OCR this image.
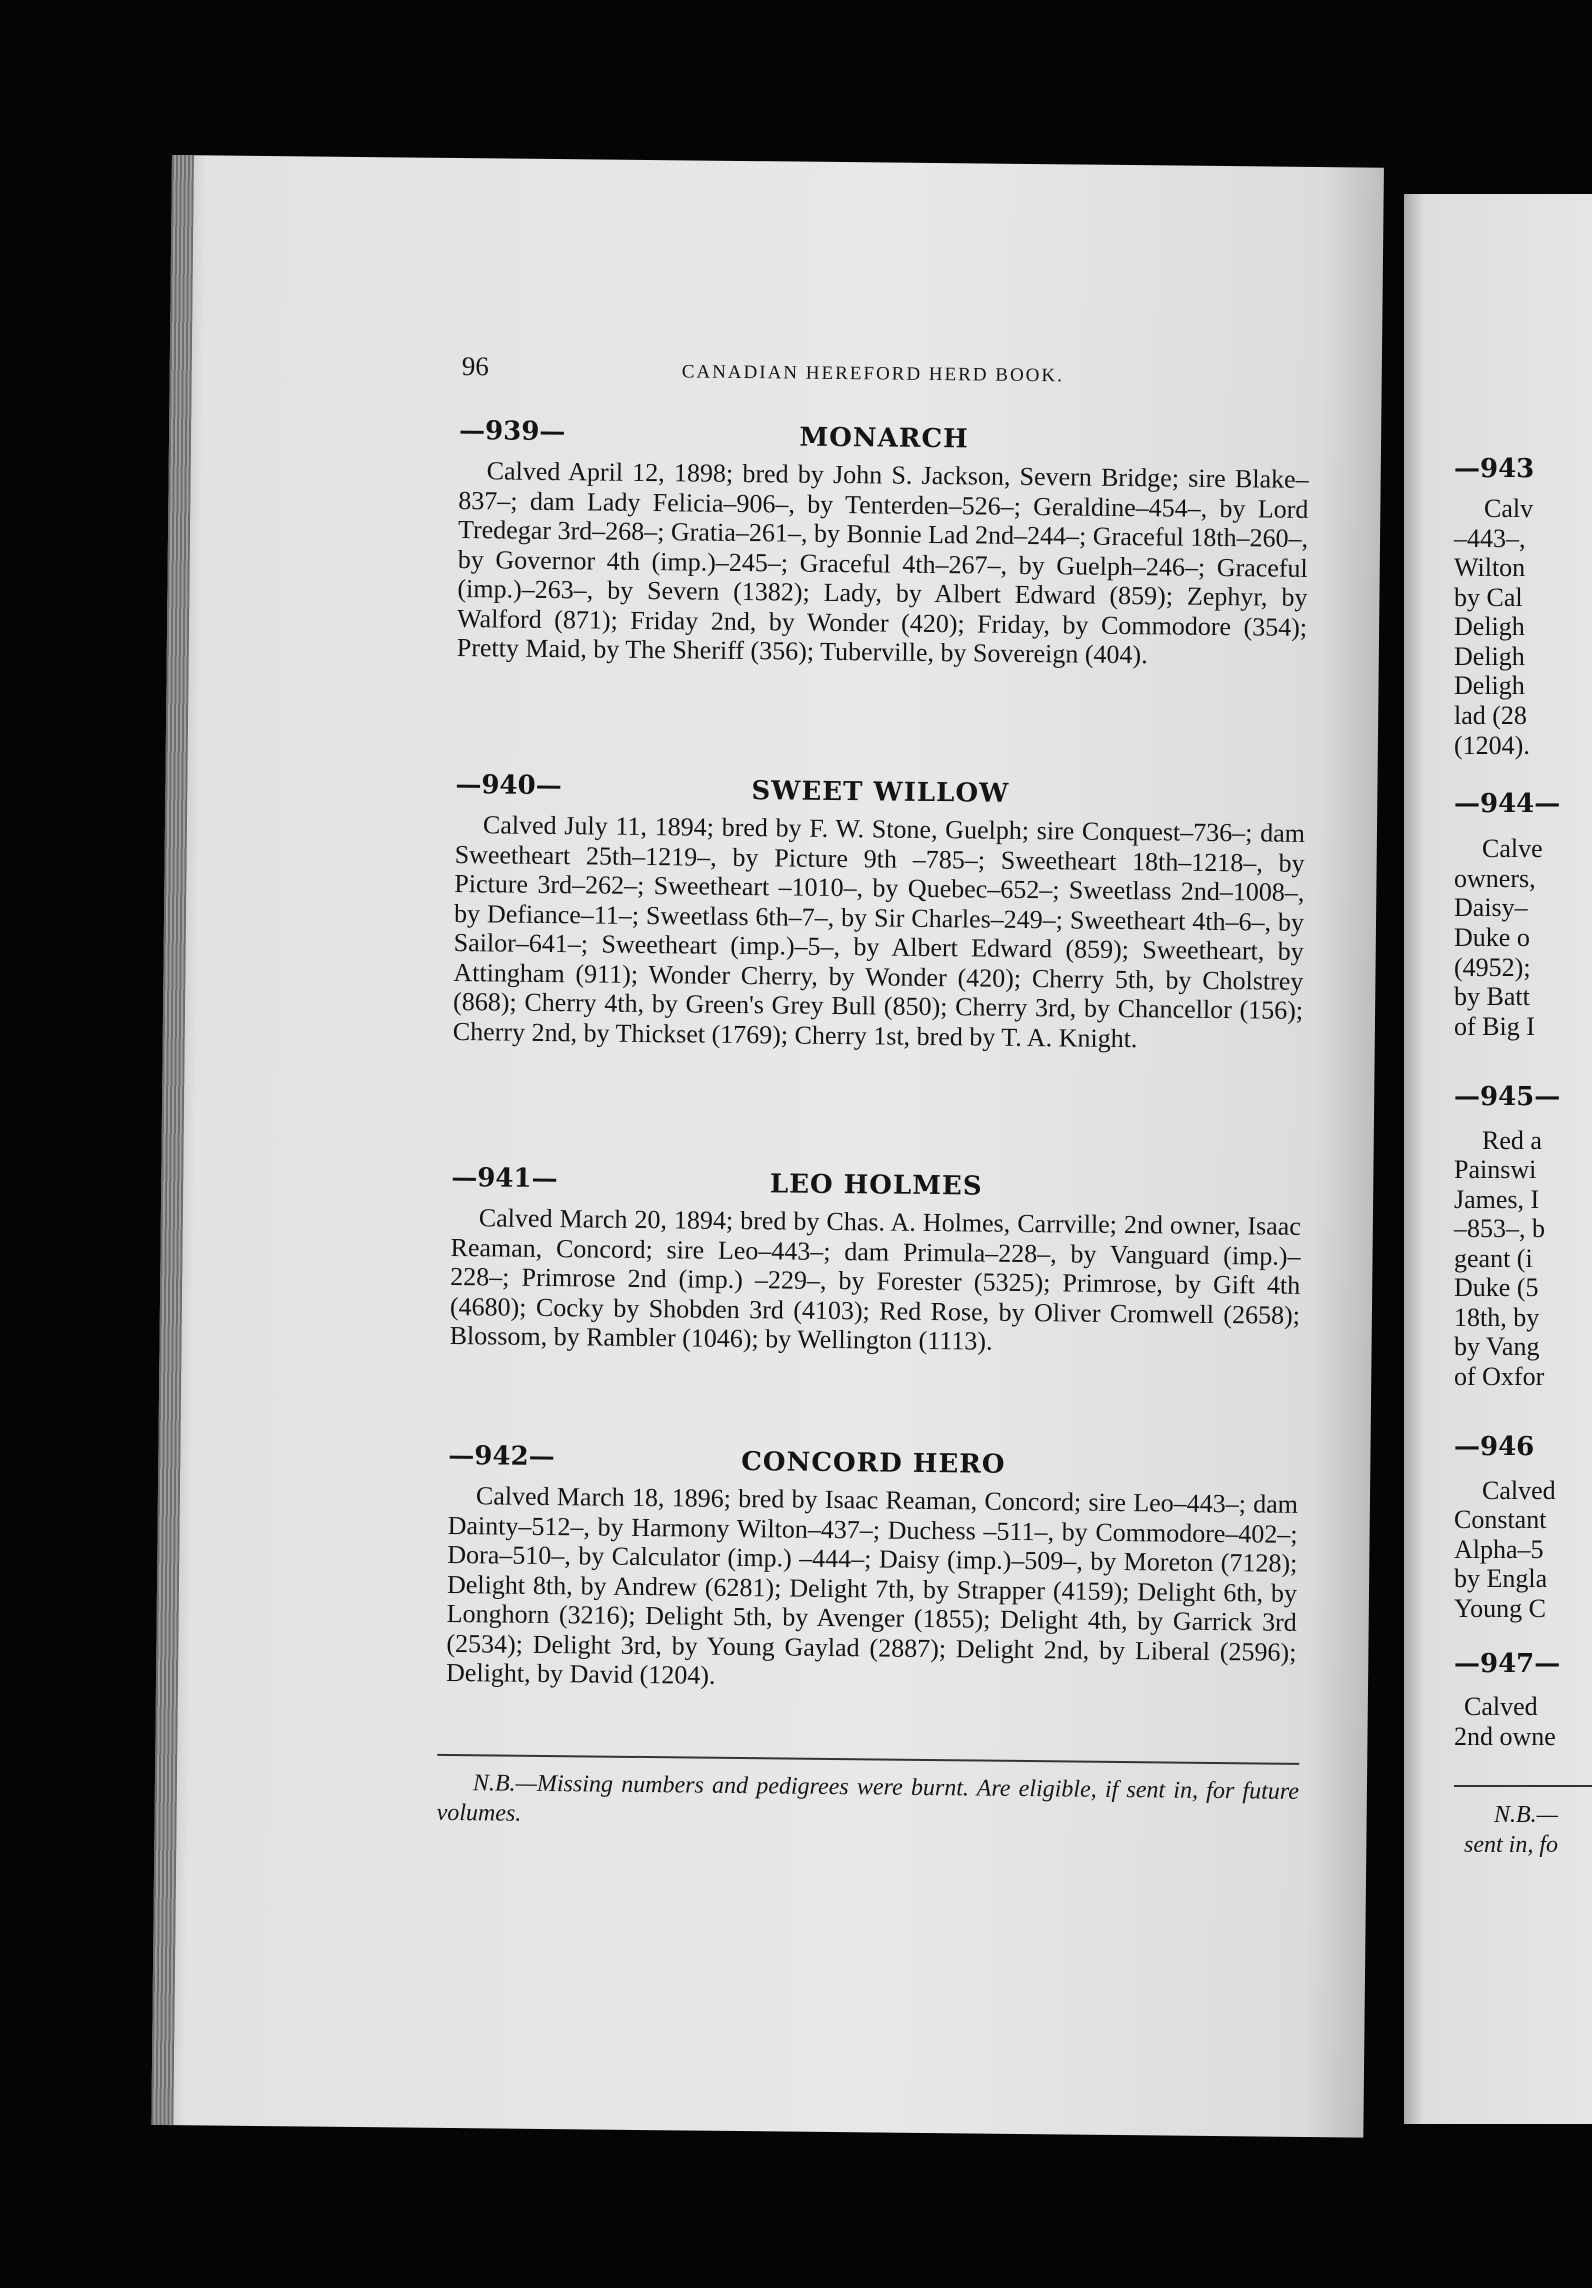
96	CANADIAN HEREFORD HERD BOOK.
—939—	MONARCH

Calved April 12, 1898; bred by John S. Jackson, Severn Bridge; sire Blake–837–; dam Lady Felicia–906–, by Tenterden–526–; Geraldine–454–, by Lord Tredegar 3rd–268–; Gratia–261–, by Bonnie Lad 2nd–244–; Graceful 18th–260–, by Governor 4th (imp.)–245–; Graceful 4th–267–, by Guelph–246–; Graceful (imp.)–263–, by Severn (1382); Lady, by Albert Edward (859); Zephyr, by Walford (871); Friday 2nd, by Wonder (420); Friday, by Commodore (354); Pretty Maid, by The Sheriff (356); Tuberville, by Sovereign (404).

—940—	SWEET WILLOW

Calved July 11, 1894; bred by F. W. Stone, Guelph; sire Conquest–736–; dam Sweetheart 25th–1219–, by Picture 9th –785–; Sweetheart 18th–1218–, by Picture 3rd–262–; Sweetheart –1010–, by Quebec–652–; Sweetlass 2nd–1008–, by Defiance–11–; Sweetlass 6th–7–, by Sir Charles–249–; Sweetheart 4th–6–, by Sailor–641–; Sweetheart (imp.)–5–, by Albert Edward (859); Sweetheart, by Attingham (911); Wonder Cherry, by Wonder (420); Cherry 5th, by Cholstrey (868); Cherry 4th, by Green's Grey Bull (850); Cherry 3rd, by Chancellor (156); Cherry 2nd, by Thickset (1769); Cherry 1st, bred by T. A. Knight.

—941—	LEO HOLMES

Calved March 20, 1894; bred by Chas. A. Holmes, Carrville; 2nd owner, Isaac Reaman, Concord; sire Leo–443–; dam Primula–228–, by Vanguard (imp.)–228–; Primrose 2nd (imp.) –229–, by Forester (5325); Primrose, by Gift 4th (4680); Cocky by Shobden 3rd (4103); Red Rose, by Oliver Cromwell (2658); Blossom, by Rambler (1046); by Wellington (1113).

—942—	CONCORD HERO

Calved March 18, 1896; bred by Isaac Reaman, Concord; sire Leo–443–; dam Dainty–512–, by Harmony Wilton–437–; Duchess –511–, by Commodore–402–; Dora–510–, by Calculator (imp.) –444–; Daisy (imp.)–509–, by Moreton (7128); Delight 8th, by Andrew (6281); Delight 7th, by Strapper (4159); Delight 6th, by Longhorn (3216); Delight 5th, by Avenger (1855); Delight 4th, by Garrick 3rd (2534); Delight 3rd, by Young Gaylad (2887); Delight 2nd, by Liberal (2596); Delight, by David (1204).

N.B.—Missing numbers and pedigrees were burnt. Are eligible, if sent in, for future volumes.

—943
Calv
–443–,
Wilton
by Cal
Deligh
Deligh
Deligh
lad (28
(1204).
—944—
Calve
owners,
Daisy–
Duke o
(4952);
by Batt
of Big I
—945—
Red a
Painswi
James, I
–853–, b
geant (i
Duke (5
18th, by
by Vang
of Oxfor
—946
Calved
Constant
Alpha–5
by Engla
Young C
—947—
Calved
2nd owne
N.B.—
sent in, fo
